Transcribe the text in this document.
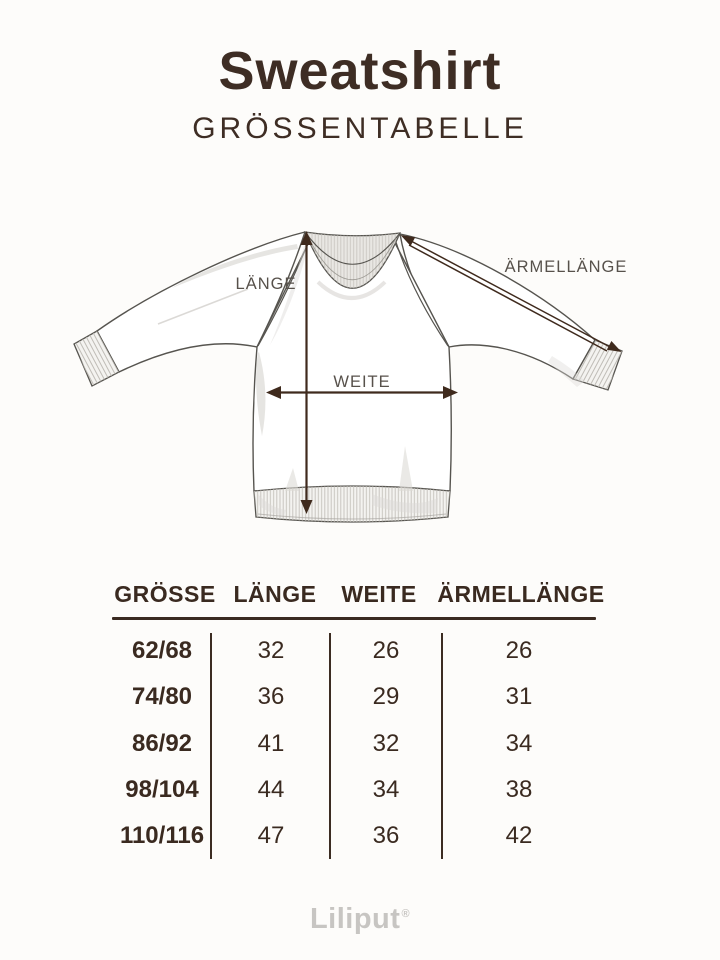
Sweatshirt
GRÖSSENTABELLE
LÄNGE
ÄRMELLÄNGE
WEITE
GRÖSSE LÄNGE WEITE ÄRMELLÄNGE
62/68	32	26	26
74/80	36	29	31
86/92	41	32	34
98/104	44	34	38
110/116	47	36	42
Liliput®
